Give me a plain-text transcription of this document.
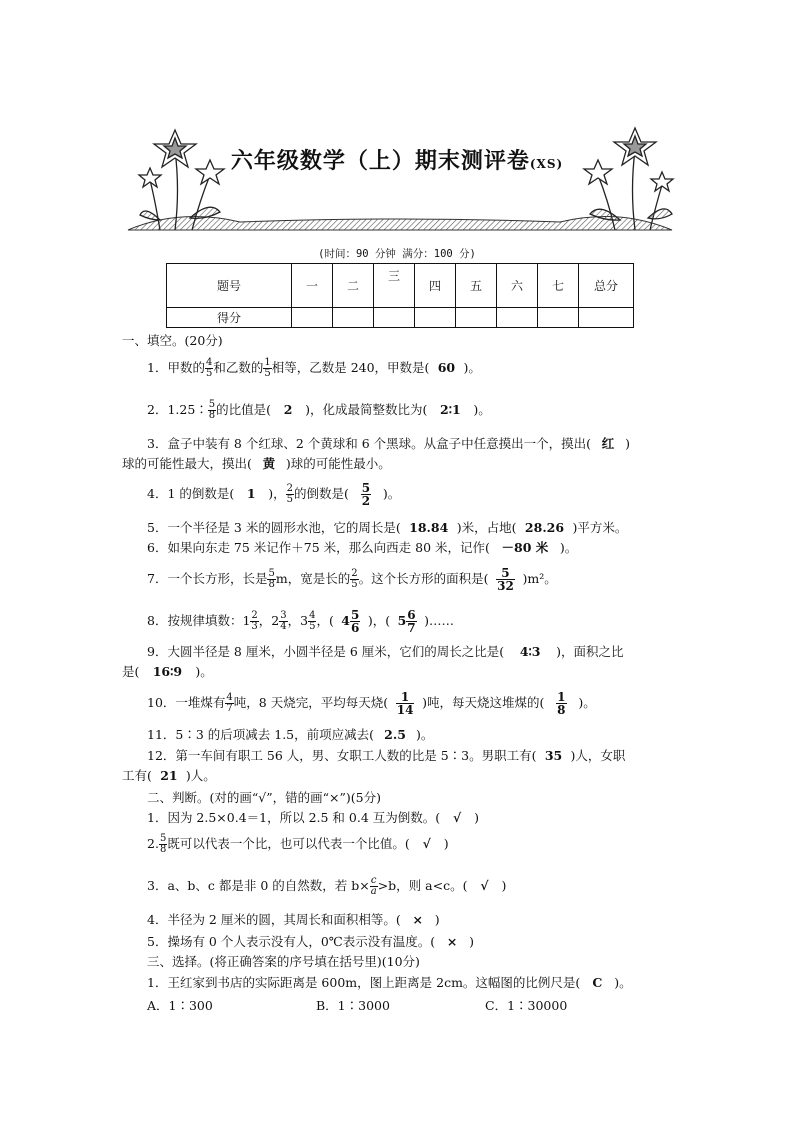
六年级数学（上）期末测评卷(XS)
(时间：90 分钟 满分：100 分)
题号	一	二	三	四	五	六	七	总分
得分								
一、填空。(20分)
1．甲数的 $\frac{4}{5}$ 和乙数的 $\frac{1}{5}$ 相等，乙数是 240，甲数是( 60 )。
2．1.25∶ $\frac{5}{8}$ 的比值是( 2 )，化成最简整数比为( 2∶1 )。
3．盒子中装有 8 个红球、2 个黄球和 6 个黑球。从盒子中任意摸出一个，摸出( 红 )
球的可能性最大，摸出( 黄 )球的可能性最小。
4．1 的倒数是( 1 )， $\frac{2}{5}$ 的倒数是( $\frac{5}{2}$ )。
5．一个半径是 3 米的圆形水池，它的周长是( 18.84 )米，占地( 28.26 )平方米。
6．如果向东走 75 米记作＋75 米，那么向西走 80 米，记作( －80 米 )。
7．一个长方形，长是 $\frac{5}{8}$ m，宽是长的 $\frac{2}{5}$ 。这个长方形的面积是( $\frac{5}{32} )m^2$。
8．按规律填数：$1 \frac{2}{3}$ ，$2 \frac{3}{4}$ ，$3 \frac{4}{5}$ ，( $4 \frac{5}{6}$ )，( $5 \frac{6}{7}$ )……
9．大圆半径是 8 厘米，小圆半径是 6 厘米，它们的周长之比是( 4∶3 )，面积之比
是( 16∶9 )。
10．一堆煤有 $\frac{4}{7}$ 吨，8 天烧完，平均每天烧( $\frac{1}{14}$ )吨，每天烧这堆煤的( $\frac{1}{8}$ )。
11．5∶3 的后项减去 1.5，前项应减去( 2.5 )。
12．第一车间有职工 56 人，男、女职工人数的比是 5∶3。男职工有( 35 )人，女职
工有( 21 )人。
二、判断。(对的画“√”，错的画“×”)(5分)
1．因为 2.5×0.4＝1，所以 2.5 和 0.4 互为倒数。( √ )
2. $\frac{5}{8}$ 既可以代表一个比，也可以代表一个比值。( √ )
3．a、b、c 都是非 0 的自然数，若 $b\times \frac{c}{a} >b$，则 a<c。( √ )
4．半径为 2 厘米的圆，其周长和面积相等。( × )
5．操场有 0 个人表示没有人，0℃表示没有温度。( × )
三、选择。(将正确答案的序号填在括号里)(10分)
1．王红家到书店的实际距离是 600m，图上距离是 2cm。这幅图的比例尺是( C )。
A．1∶300	B．1∶3000	C．1∶30000
